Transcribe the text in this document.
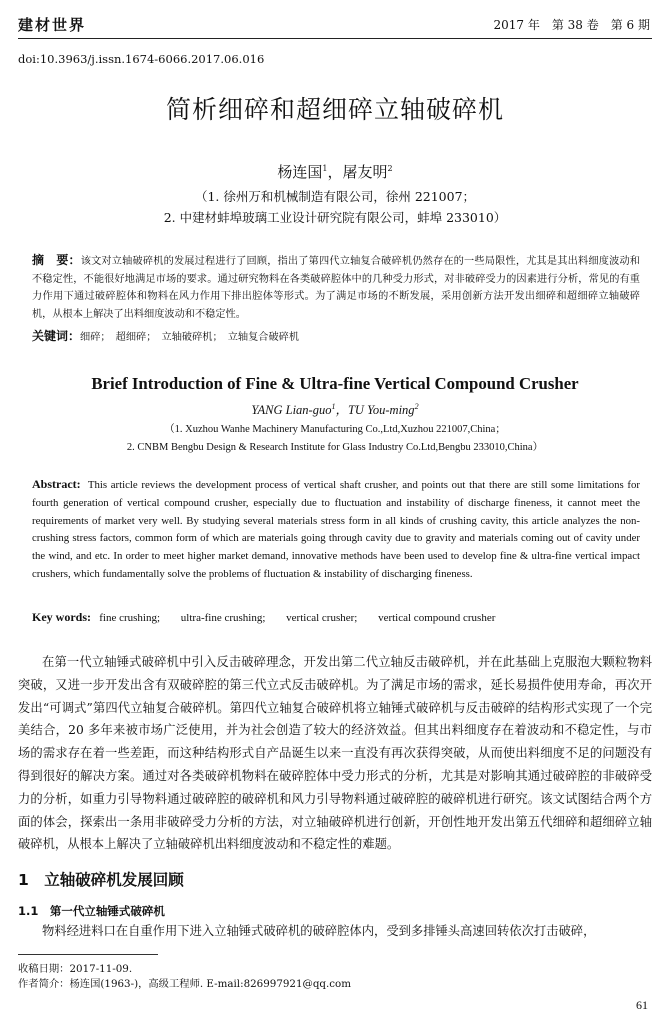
建材世界	2017 年　第 38 卷　第 6 期
doi:10.3963/j.issn.1674-6066.2017.06.016
简析细碎和超细碎立轴破碎机
杨连国$^1$，屠友明$^2$
（1. 徐州万和机械制造有限公司，徐州 221007；
2. 中建材蚌埠玻璃工业设计研究院有限公司，蚌埠 233010）
摘　要：该文对立轴破碎机的发展过程进行了回顾，指出了第四代立轴复合破碎机仍然存在的一些局限性，尤其是其出料细度波动和不稳定性，不能很好地满足市场的要求。通过研究物料在各类破碎腔体中的几种受力形式，对非破碎受力的因素进行分析，常见的有重力作用下通过破碎腔体和物料在风力作用下排出腔体等形式。为了满足市场的不断发展，采用创新方法开发出细碎和超细碎立轴破碎机，从根本上解决了出料细度波动和不稳定性。
关键词：细碎；　超细碎；　立轴破碎机；　立轴复合破碎机
Brief Introduction of Fine & Ultra-fine Vertical Compound Crusher
YANG Lian-guo$^1$，TU You-ming$^2$
（1. Xuzhou Wanhe Machinery Manufacturing Co.,Ltd,Xuzhou 221007,China；
2. CNBM Bengbu Design & Research Institute for Glass Industry Co.Ltd,Bengbu 233010,China）
Abstract: This article reviews the development process of vertical shaft crusher, and points out that there are still some limitations for fourth generation of vertical compound crusher, especially due to fluctuation and instability of discharge fineness, it cannot meet the requirements of market very well. By studying several materials stress form in all kinds of crushing cavity, this article analyzes the non-crushing stress factors, common form of which are materials going through cavity due to gravity and materials coming out of cavity under the wind, and etc. In order to meet higher market demand, innovative methods have been used to develop fine & ultra-fine vertical impact crushers, which fundamentally solve the problems of fluctuation & instability of discharging fineness.
Key words: fine crushing; ultra-fine crushing; vertical crusher; vertical compound crusher
在第一代立轴锤式破碎机中引入反击破碎理念，开发出第二代立轴反击破碎机，并在此基础上克服泡大颗粒物料突破，又进一步开发出含有双破碎腔的第三代立式反击破碎机。为了满足市场的需求，延长易损件使用寿命，再次开发出“可调式”第四代立轴复合破碎机。第四代立轴复合破碎机将立轴锤式破碎机与反击破碎的结构形式实现了一个完美结合，20 多年来被市场广泛使用，并为社会创造了较大的经济效益。但其出料细度存在着波动和不稳定性，与市场的需求存在着一些差距，而这种结构形式自产品诞生以来一直没有再次获得突破，从而使出料细度不足的问题没有得到很好的解决方案。通过对各类破碎机物料在破碎腔体中受力形式的分析，尤其是对影响其通过破碎腔的非破碎受力的分析，如重力引导物料通过破碎腔的破碎机和风力引导物料通过破碎腔的破碎机进行研究。该文试图结合两个方面的体会，探索出一条用非破碎受力分析的方法，对立轴破碎机进行创新，开创性地开发出第五代细碎和超细碎立轴破碎机，从根本上解决了立轴破碎机出料细度波动和不稳定性的难题。
1　立轴破碎机发展回顾
1.1　第一代立轴锤式破碎机
物料经进料口在自重作用下进入立轴锤式破碎机的破碎腔体内，受到多排锤头高速回转依次打击破碎，
收稿日期：2017-11-09.
作者简介：杨连国(1963-)，高级工程师. E-mail:826997921@qq.com
61
